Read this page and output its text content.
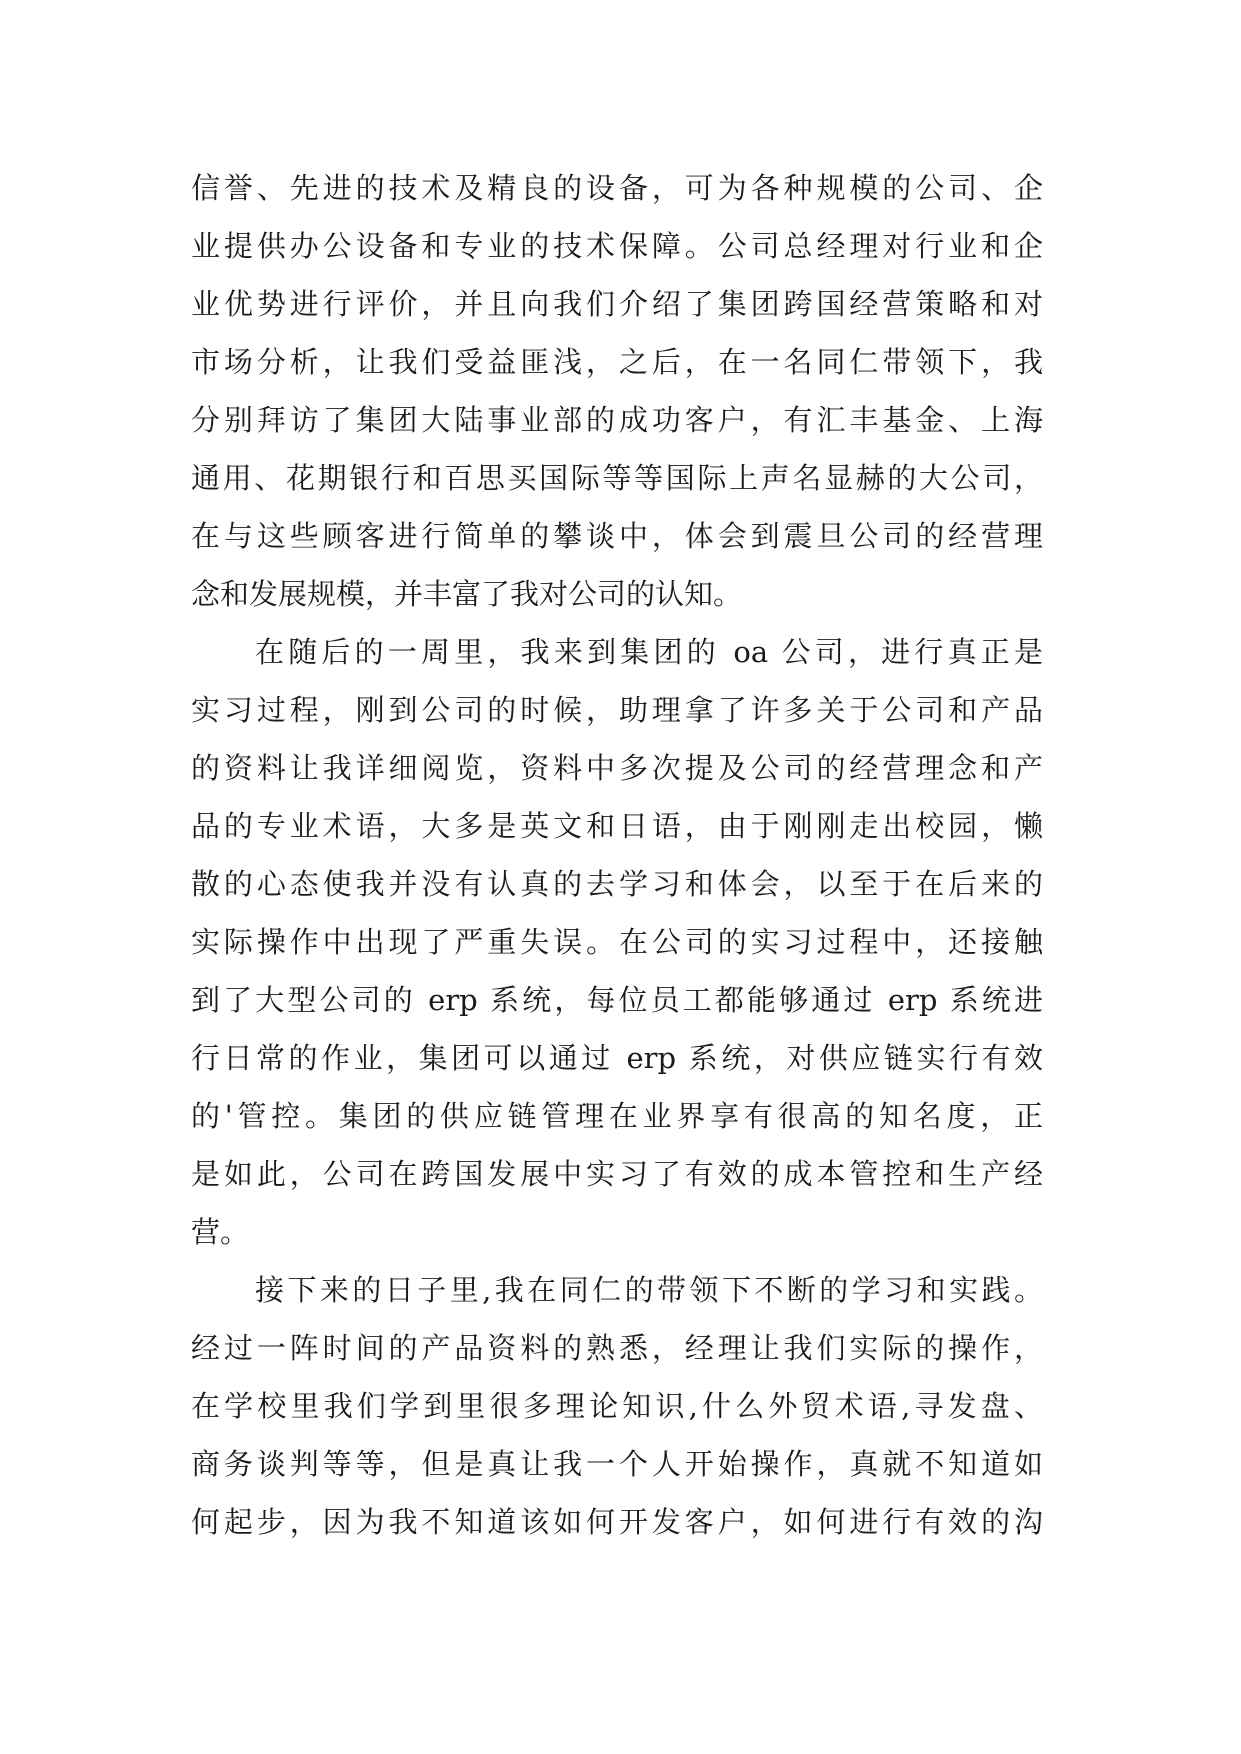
信誉、先进的技术及精良的设备，可为各种规模的公司、企
业提供办公设备和专业的技术保障。公司总经理对行业和企
业优势进行评价，并且向我们介绍了集团跨国经营策略和对
市场分析，让我们受益匪浅，之后，在一名同仁带领下，我
分别拜访了集团大陆事业部的成功客户，有汇丰基金、上海
通用、花期银行和百思买国际等等国际上声名显赫的大公司，
在与这些顾客进行简单的攀谈中，体会到震旦公司的经营理
念和发展规模，并丰富了我对公司的认知。
在随后的一周里，我来到集团的 oa 公司，进行真正是
实习过程，刚到公司的时候，助理拿了许多关于公司和产品
的资料让我详细阅览，资料中多次提及公司的经营理念和产
品的专业术语，大多是英文和日语，由于刚刚走出校园，懒
散的心态使我并没有认真的去学习和体会，以至于在后来的
实际操作中出现了严重失误。在公司的实习过程中，还接触
到了大型公司的 erp 系统，每位员工都能够通过 erp 系统进
行日常的作业，集团可以通过 erp 系统，对供应链实行有效
的'管控。集团的供应链管理在业界享有很高的知名度，正
是如此，公司在跨国发展中实习了有效的成本管控和生产经
营。
接下来的日子里,我在同仁的带领下不断的学习和实践。
经过一阵时间的产品资料的熟悉，经理让我们实际的操作，
在学校里我们学到里很多理论知识,什么外贸术语,寻发盘、
商务谈判等等，但是真让我一个人开始操作，真就不知道如
何起步，因为我不知道该如何开发客户，如何进行有效的沟
